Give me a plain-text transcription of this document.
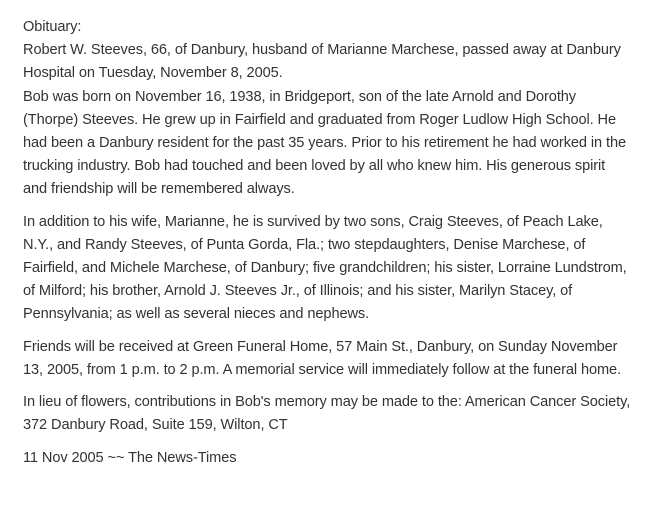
Obituary:

Robert W. Steeves, 66, of Danbury, husband of Marianne Marchese, passed away at Danbury Hospital on Tuesday, November 8, 2005.

Bob was born on November 16, 1938, in Bridgeport, son of the late Arnold and Dorothy (Thorpe) Steeves. He grew up in Fairfield and graduated from Roger Ludlow High School. He had been a Danbury resident for the past 35 years. Prior to his retirement he had worked in the trucking industry. Bob had touched and been loved by all who knew him. His generous spirit and friendship will be remembered always.

In addition to his wife, Marianne, he is survived by two sons, Craig Steeves, of Peach Lake, N.Y., and Randy Steeves, of Punta Gorda, Fla.; two stepdaughters, Denise Marchese, of Fairfield, and Michele Marchese, of Danbury; five grandchildren; his sister, Lorraine Lundstrom, of Milford; his brother, Arnold J. Steeves Jr., of Illinois; and his sister, Marilyn Stacey, of Pennsylvania; as well as several nieces and nephews.

Friends will be received at Green Funeral Home, 57 Main St., Danbury, on Sunday November 13, 2005, from 1 p.m. to 2 p.m. A memorial service will immediately follow at the funeral home.

In lieu of flowers, contributions in Bob's memory may be made to the: American Cancer Society, 372 Danbury Road, Suite 159, Wilton, CT

11 Nov 2005 ~~ The News-Times
